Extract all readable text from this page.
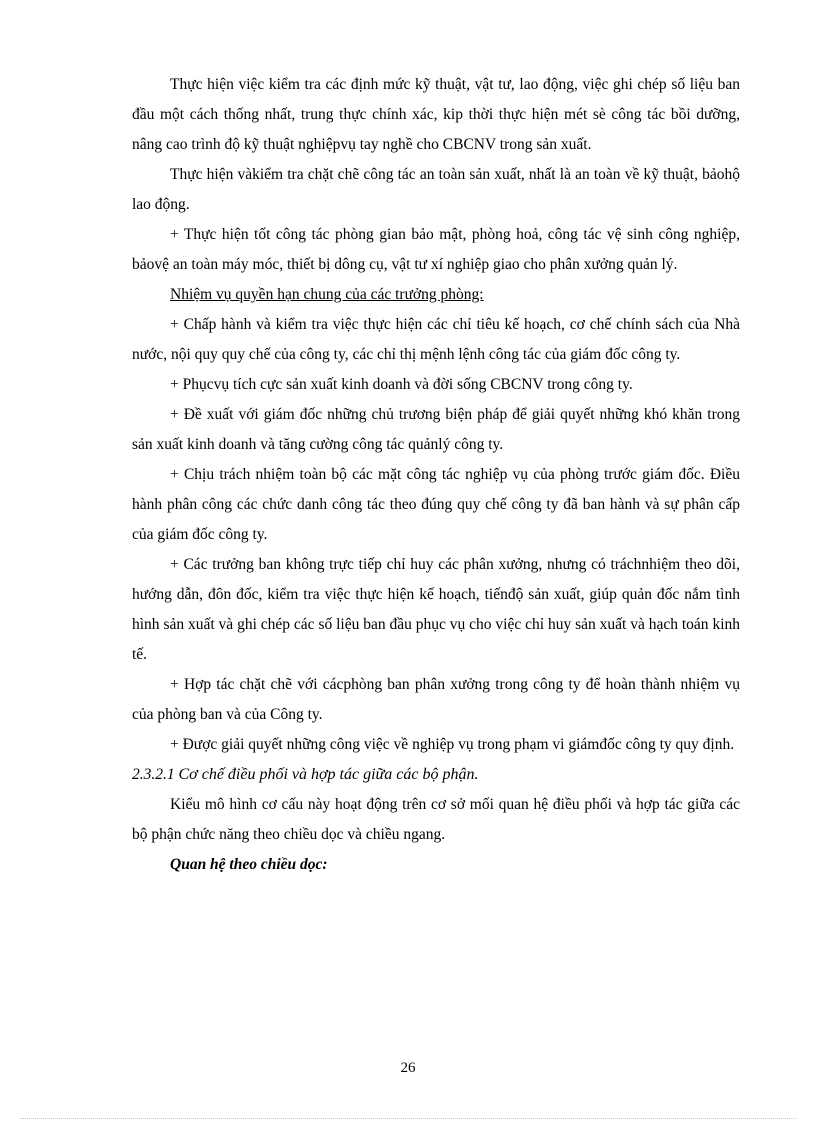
Thực hiện việc kiểm tra các định mức kỹ thuật, vật tư, lao động, việc ghi chép số liệu ban đầu một cách thống nhất, trung thực chính xác, kip thời thực hiện mét sè công tác bồi dưỡng, nâng cao trình độ kỹ thuật nghiệpvụ tay nghề cho CBCNV trong sản xuất.

Thực hiện vàkiểm tra chặt chẽ công tác an toàn sản xuất, nhất là an toàn về kỹ thuật, bảohộ lao động.

+ Thực hiện tốt công tác phòng gian bảo mật, phòng hoả, công tác vệ sinh công nghiệp, bảovệ an toàn máy móc, thiết bị dông cụ, vật tư xí nghiệp giao cho phân xưởng quản lý.

Nhiệm vụ quyền hạn chung của các trưởng phòng:

+ Chấp hành và kiểm tra việc thực hiện các chỉ tiêu kế hoạch, cơ chế chính sách của Nhà nước, nội quy quy chế của công ty, các chỉ thị mệnh lệnh công tác của giám đốc công ty.

+ Phụcvụ tích cực sản xuất kinh doanh và đời sống CBCNV trong công ty.

+ Đề xuất với giám đốc những chủ trương biện pháp để giải quyết những khó khăn trong sản xuất kinh doanh và tăng cường công tác quảnlý công ty.

+ Chịu trách nhiệm toàn bộ các mặt công tác nghiệp vụ của phòng trước giám đốc. Điều hành phân công các chức danh công tác theo đúng quy chế công ty đã ban hành và sự phân cấp của giám đốc công ty.

+ Các trưởng ban không trực tiếp chỉ huy các phân xưởng, nhưng có tráchnhiệm theo dõi, hướng dẫn, đôn đốc, kiểm tra việc thực hiện kế hoạch, tiếnđộ sản xuất, giúp quản đốc nắm tình hình sản xuất và ghi chép các số liệu ban đầu phục vụ cho việc chỉ huy sản xuất và hạch toán kinh tế.

+ Hợp tác chặt chẽ với cácphòng ban phân xưởng trong công ty để hoàn thành nhiệm vụ của phòng ban và của Công ty.

+ Được giải quyết những công việc về nghiệp vụ trong phạm vi giámđốc công ty quy định.

2.3.2.1 Cơ chế điều phối và hợp tác giữa các bộ phận.

Kiểu mô hình cơ cấu này hoạt động trên cơ sở mối quan hệ điều phối và hợp tác giữa các bộ phận chức năng theo chiều dọc và chiều ngang.

Quan hệ theo chiều dọc:

26
